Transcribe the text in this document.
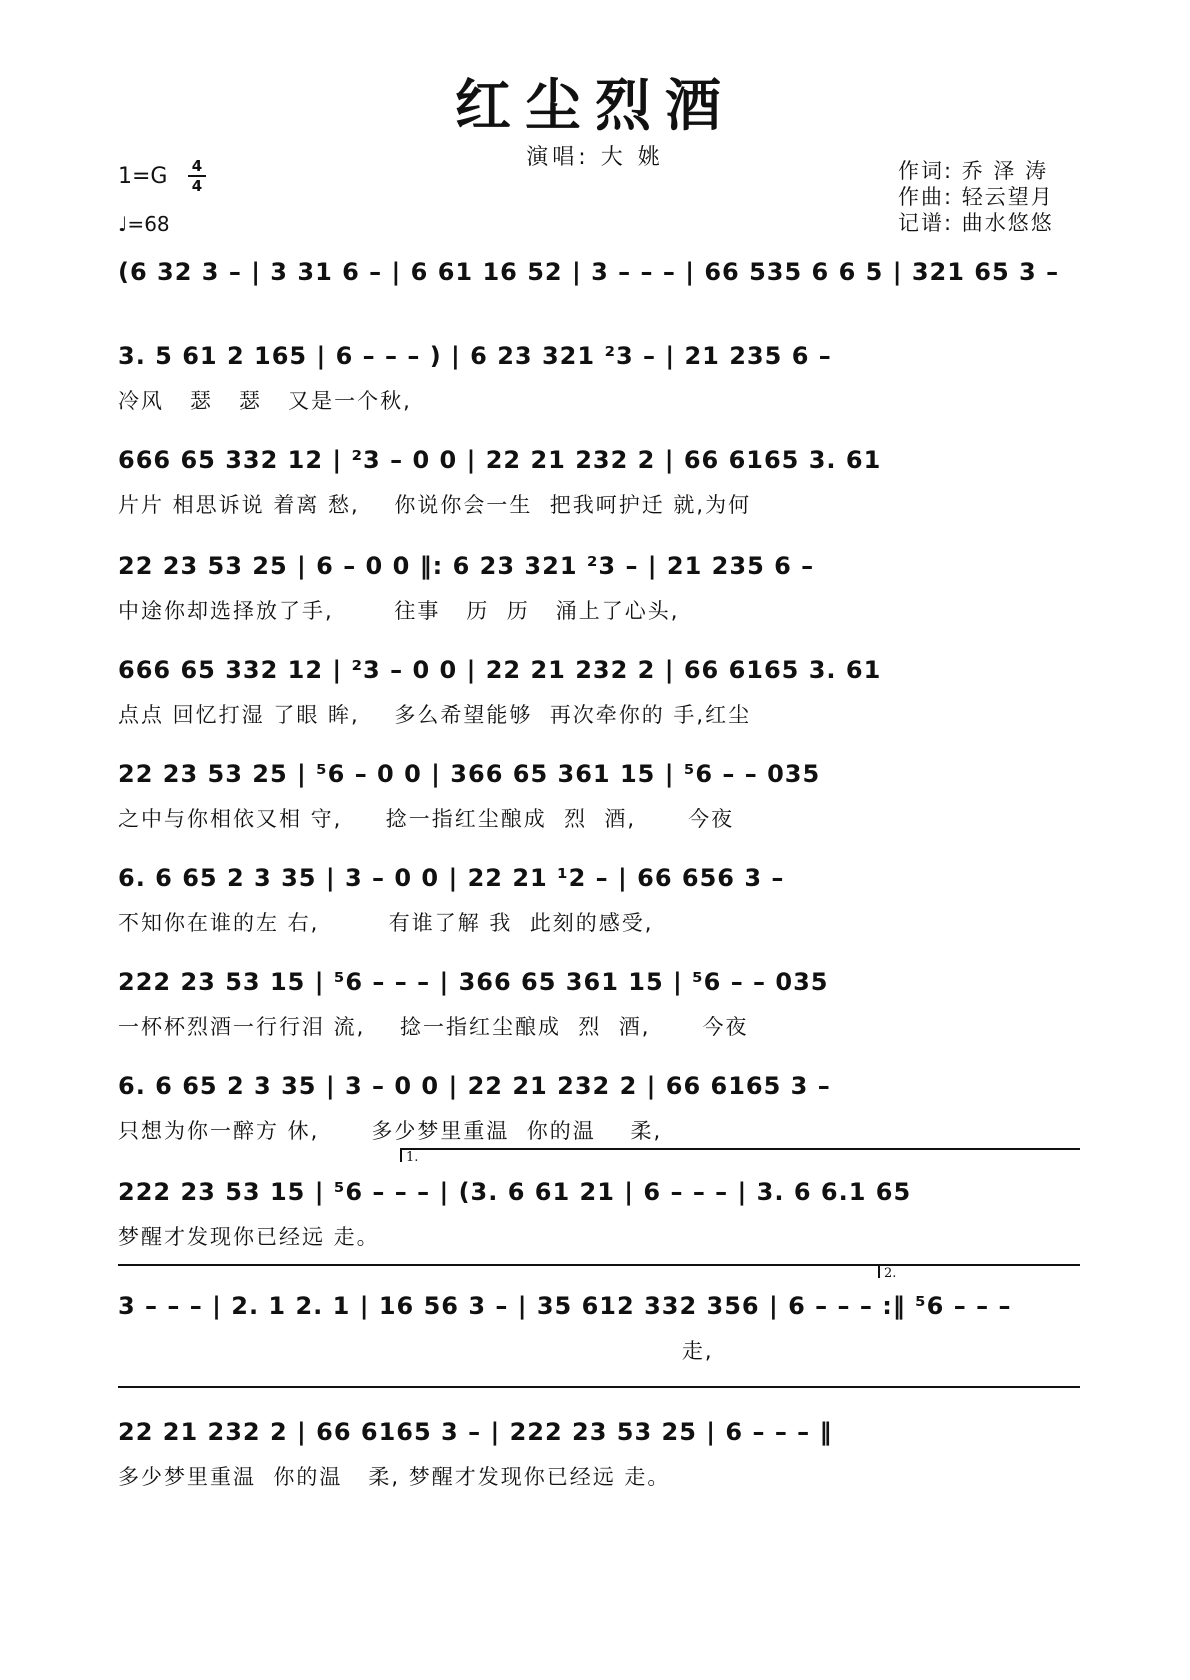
红尘烈酒
演唱: 大 姚
1=G 4
4
♩=68
作词: 乔 泽 涛
作曲: 轻云望月
记谱: 曲水悠悠
(6 32 3 – | 3 31 6 – | 6 61 16 52 | 3 – – – | 66 535 6 6 5 | 321 65 3 –
3. 5 61 2 165 | 6 – – – ) | 6 23 321 ²3 – | 21 235 6 –
冷风   瑟   瑟   又是一个秋,
666 65 332 12 | ²3 – 0 0 | 22 21 232 2 | 66 6165 3. 61
片片 相思诉说 着离 愁,    你说你会一生  把我呵护迁 就,为何
22 23 53 25 | 6 – 0 0 ‖: 6 23 321 ²3 – | 21 235 6 –
中途你却选择放了手,       往事   历  历   涌上了心头,
666 65 332 12 | ²3 – 0 0 | 22 21 232 2 | 66 6165 3. 61
点点 回忆打湿 了眼 眸,    多么希望能够  再次牵你的 手,红尘
22 23 53 25 | ⁵6 – 0 0 | 366 65 361 15 | ⁵6 – – 035
之中与你相依又相 守,     捻一指红尘酿成  烈  酒,      今夜
6. 6 65 2 3 35 | 3 – 0 0 | 22 21 ¹2 – | 66 656 3 –
不知你在谁的左 右,        有谁了解 我  此刻的感受,
222 23 53 15 | ⁵6 – – – | 366 65 361 15 | ⁵6 – – 035
一杯杯烈酒一行行泪 流,    捻一指红尘酿成  烈  酒,      今夜
6. 6 65 2 3 35 | 3 – 0 0 | 22 21 232 2 | 66 6165 3 –
只想为你一醉方 休,      多少梦里重温  你的温    柔,
1.
222 23 53 15 | ⁵6 – – – | (3. 6 61 21 | 6 – – – | 3. 6 6.1 65
梦醒才发现你已经远 走。
2.
3 – – – | 2. 1 2. 1 | 16 56 3 – | 35 612 332 356 | 6 – – – :‖ ⁵6 – – –
走,
22 21 232 2 | 66 6165 3 – | 222 23 53 25 | 6 – – – ‖
多少梦里重温  你的温   柔, 梦醒才发现你已经远 走。
